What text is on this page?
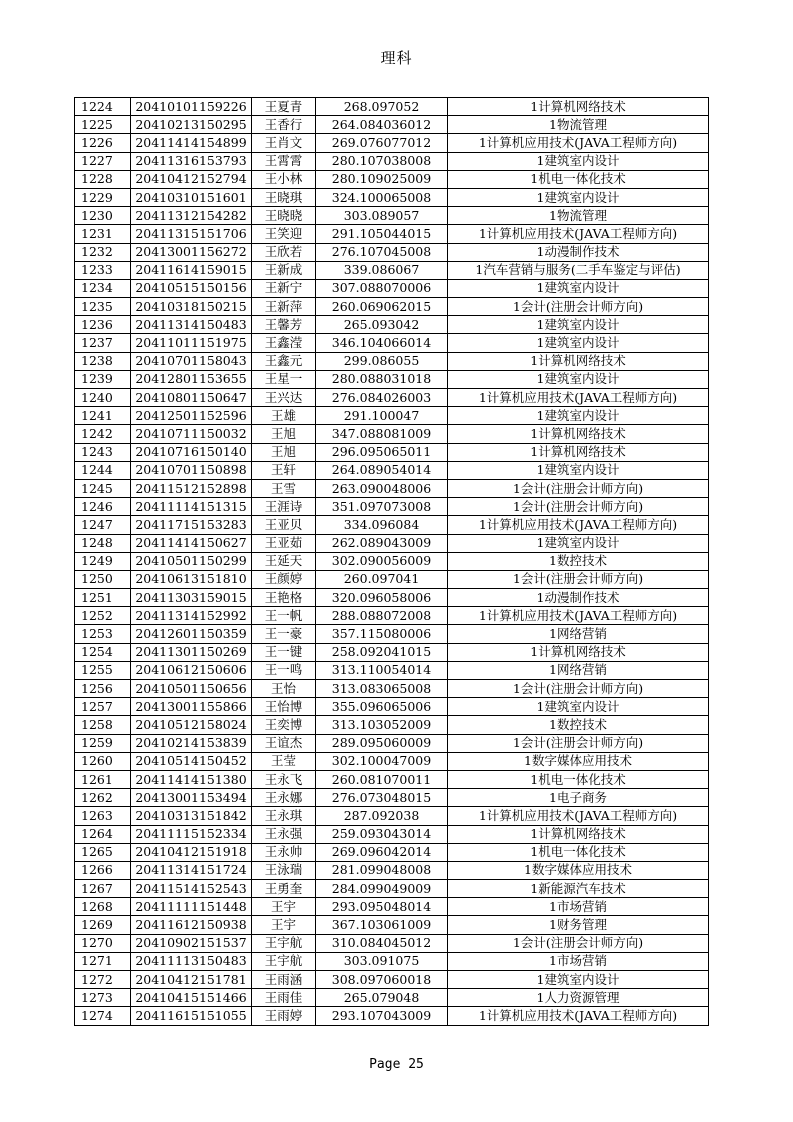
理科
1224	20410101159226	王夏青	268.097052	1计算机网络技术
1225	20410213150295	王香行	264.084036012	1物流管理
1226	20411414154899	王肖文	269.076077012	1计算机应用技术(JAVA工程师方向)
1227	20411316153793	王霄霄	280.107038008	1建筑室内设计
1228	20410412152794	王小林	280.109025009	1机电一体化技术
1229	20410310151601	王晓琪	324.100065008	1建筑室内设计
1230	20411312154282	王晓晓	303.089057	1物流管理
1231	20411315151706	王笑迎	291.105044015	1计算机应用技术(JAVA工程师方向)
1232	20413001156272	王欣若	276.107045008	1动漫制作技术
1233	20411614159015	王新成	339.086067	1汽车营销与服务(二手车鉴定与评估)
1234	20410515150156	王新宁	307.088070006	1建筑室内设计
1235	20410318150215	王新萍	260.069062015	1会计(注册会计师方向)
1236	20411314150483	王馨芳	265.093042	1建筑室内设计
1237	20411011151975	王鑫滢	346.104066014	1建筑室内设计
1238	20410701158043	王鑫元	299.086055	1计算机网络技术
1239	20412801153655	王星一	280.088031018	1建筑室内设计
1240	20410801150647	王兴达	276.084026003	1计算机应用技术(JAVA工程师方向)
1241	20412501152596	王雄	291.100047	1建筑室内设计
1242	20410711150032	王旭	347.088081009	1计算机网络技术
1243	20410716150140	王旭	296.095065011	1计算机网络技术
1244	20410701150898	王轩	264.089054014	1建筑室内设计
1245	20411512152898	王雪	263.090048006	1会计(注册会计师方向)
1246	20411114151315	王涯诗	351.097073008	1会计(注册会计师方向)
1247	20411715153283	王亚贝	334.096084	1计算机应用技术(JAVA工程师方向)
1248	20411414150627	王亚茹	262.089043009	1建筑室内设计
1249	20410501150299	王延天	302.090056009	1数控技术
1250	20410613151810	王颜婷	260.097041	1会计(注册会计师方向)
1251	20411303159015	王艳格	320.096058006	1动漫制作技术
1252	20411314152992	王一帆	288.088072008	1计算机应用技术(JAVA工程师方向)
1253	20412601150359	王一豪	357.115080006	1网络营销
1254	20411301150269	王一键	258.092041015	1计算机网络技术
1255	20410612150606	王一鸣	313.110054014	1网络营销
1256	20410501150656	王怡	313.083065008	1会计(注册会计师方向)
1257	20413001155866	王怡博	355.096065006	1建筑室内设计
1258	20410512158024	王奕博	313.103052009	1数控技术
1259	20410214153839	王谊杰	289.095060009	1会计(注册会计师方向)
1260	20410514150452	王莹	302.100047009	1数字媒体应用技术
1261	20411414151380	王永飞	260.081070011	1机电一体化技术
1262	20413001153494	王永娜	276.073048015	1电子商务
1263	20410313151842	王永琪	287.092038	1计算机应用技术(JAVA工程师方向)
1264	20411115152334	王永强	259.093043014	1计算机网络技术
1265	20410412151918	王永帅	269.096042014	1机电一体化技术
1266	20411314151724	王泳瑞	281.099048008	1数字媒体应用技术
1267	20411514152543	王勇奎	284.099049009	1新能源汽车技术
1268	20411111151448	王宇	293.095048014	1市场营销
1269	20411612150938	王宇	367.103061009	1财务管理
1270	20410902151537	王宇航	310.084045012	1会计(注册会计师方向)
1271	20411113150483	王宇航	303.091075	1市场营销
1272	20410412151781	王雨涵	308.097060018	1建筑室内设计
1273	20410415151466	王雨佳	265.079048	1人力资源管理
1274	20411615151055	王雨婷	293.107043009	1计算机应用技术(JAVA工程师方向)
Page 25
